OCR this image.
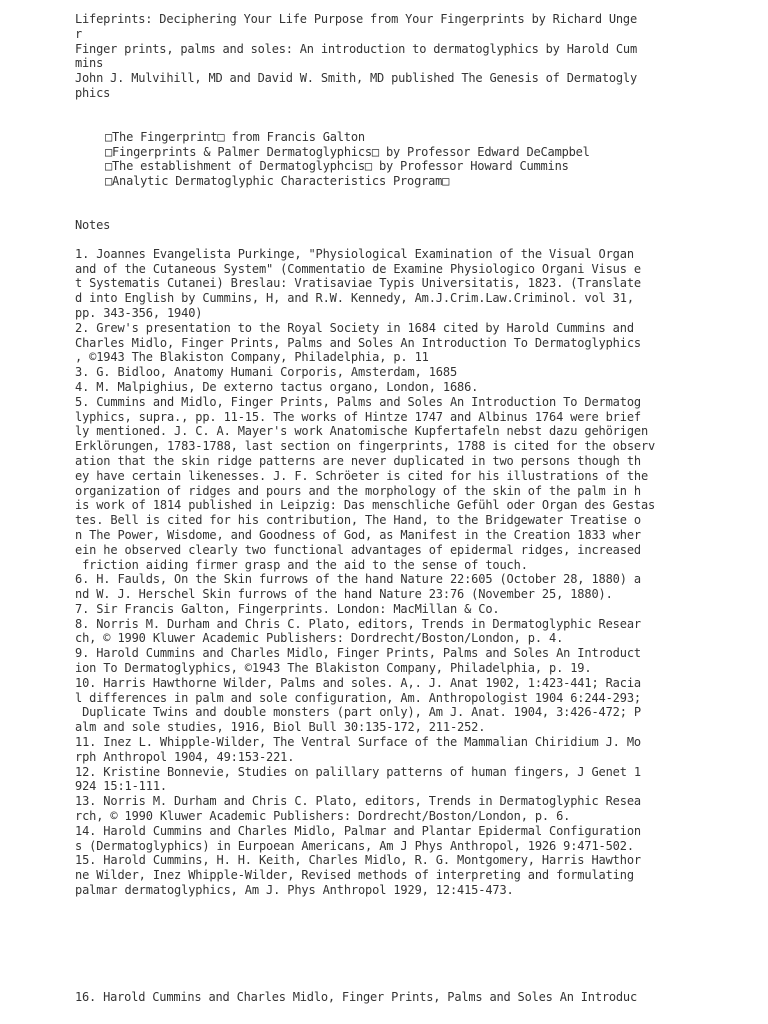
Lifeprints: Deciphering Your Life Purpose from Your Fingerprints by Richard Unge

r

Finger prints, palms and soles: An introduction to dermatoglyphics by Harold Cum

mins

John J. Mulvihill, MD and David W. Smith, MD published The Genesis of Dermatogly

phics

□The Fingerprint□ from Francis Galton

□Fingerprints & Palmer Dermatoglyphics□ by Professor Edward DeCampbel

□The establishment of Dermatoglyphcis□ by Professor Howard Cummins

□Analytic Dermatoglyphic Characteristics Program□

Notes

1. Joannes Evangelista Purkinge, "Physiological Examination of the Visual Organ

and of the Cutaneous System" (Commentatio de Examine Physiologico Organi Visus e

t Systematis Cutanei) Breslau: Vratisaviae Typis Universitatis, 1823. (Translate

d into English by Cummins, H, and R.W. Kennedy, Am.J.Crim.Law.Criminol. vol 31,

pp. 343-356, 1940)

2. Grew's presentation to the Royal Society in 1684 cited by Harold Cummins and

Charles Midlo, Finger Prints, Palms and Soles An Introduction To Dermatoglyphics

, ©1943 The Blakiston Company, Philadelphia, p. 11

3. G. Bidloo, Anatomy Humani Corporis, Amsterdam, 1685

4. M. Malpighius, De externo tactus organo, London, 1686.

5. Cummins and Midlo, Finger Prints, Palms and Soles An Introduction To Dermatog

lyphics, supra., pp. 11-15. The works of Hintze 1747 and Albinus 1764 were brief

ly mentioned. J. C. A. Mayer's work Anatomische Kupfertafeln nebst dazu gehörigen

Erklörungen, 1783-1788, last section on fingerprints, 1788 is cited for the observ

ation that the skin ridge patterns are never duplicated in two persons though th

ey have certain likenesses. J. F. Schröeter is cited for his illustrations of the

organization of ridges and pours and the morphology of the skin of the palm in h

is work of 1814 published in Leipzig: Das menschliche Gefühl oder Organ des Gestas

tes. Bell is cited for his contribution, The Hand, to the Bridgewater Treatise o

n The Power, Wisdome, and Goodness of God, as Manifest in the Creation 1833 wher

ein he observed clearly two functional advantages of epidermal ridges, increased

friction aiding firmer grasp and the aid to the sense of touch.

6. H. Faulds, On the Skin furrows of the hand Nature 22:605 (October 28, 1880) a

nd W. J. Herschel Skin furrows of the hand Nature 23:76 (November 25, 1880).

7. Sir Francis Galton, Fingerprints. London: MacMillan & Co.

8. Norris M. Durham and Chris C. Plato, editors, Trends in Dermatoglyphic Resear

ch, © 1990 Kluwer Academic Publishers: Dordrecht/Boston/London, p. 4.

9. Harold Cummins and Charles Midlo, Finger Prints, Palms and Soles An Introduct

ion To Dermatoglyphics, ©1943 The Blakiston Company, Philadelphia, p. 19.

10. Harris Hawthorne Wilder, Palms and soles. A,. J. Anat 1902, 1:423-441; Racia

l differences in palm and sole configuration, Am. Anthropologist 1904 6:244-293;

Duplicate Twins and double monsters (part only), Am J. Anat. 1904, 3:426-472; P

alm and sole studies, 1916, Biol Bull 30:135-172, 211-252.

11. Inez L. Whipple-Wilder, The Ventral Surface of the Mammalian Chiridium J. Mo

rph Anthropol 1904, 49:153-221.

12. Kristine Bonnevie, Studies on palillary patterns of human fingers, J Genet 1

924 15:1-111.

13. Norris M. Durham and Chris C. Plato, editors, Trends in Dermatoglyphic Resea

rch, © 1990 Kluwer Academic Publishers: Dordrecht/Boston/London, p. 6.

14. Harold Cummins and Charles Midlo, Palmar and Plantar Epidermal Configuration

s (Dermatoglyphics) in Eurpoean Americans, Am J Phys Anthropol, 1926 9:471-502.

15. Harold Cummins, H. H. Keith, Charles Midlo, R. G. Montgomery, Harris Hawthor

ne Wilder, Inez Whipple-Wilder, Revised methods of interpreting and formulating

palmar dermatoglyphics, Am J. Phys Anthropol 1929, 12:415-473.

16. Harold Cummins and Charles Midlo, Finger Prints, Palms and Soles An Introduc
